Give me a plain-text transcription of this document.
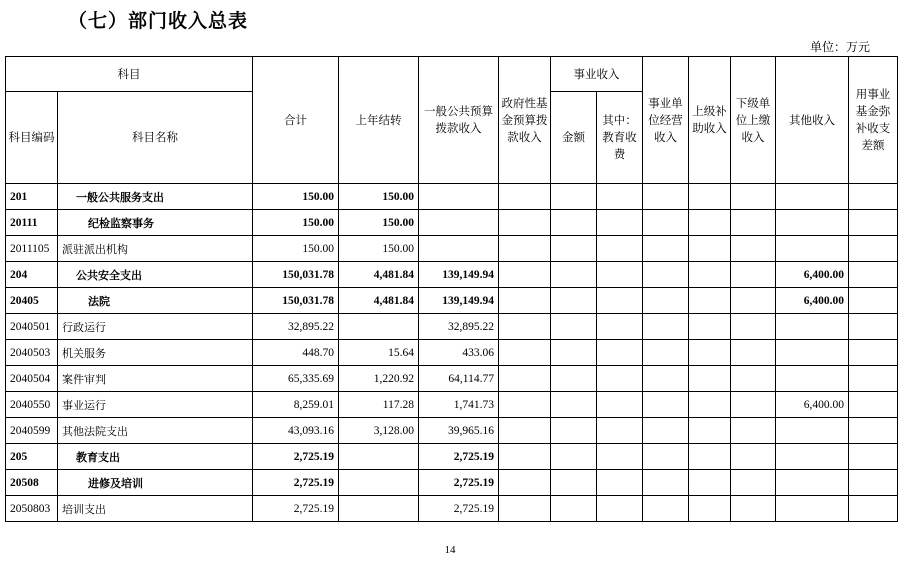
（七）部门收入总表
单位：万元
科目		合计	上年结转	一般公共预算拨款收入	政府性基金预算拨款收入	事业收入		事业单位经营收入	上级补助收入	下级单位上缴收入	其他收入	用事业基金弥补收支差额
科目编码	科目名称					金额	其中：教育收费					
201	一般公共服务支出	150.00	150.00									
20111	纪检监察事务	150.00	150.00									
2011105	派驻派出机构	150.00	150.00									
204	公共安全支出	150,031.78	4,481.84	139,149.94							6,400.00	
20405	法院	150,031.78	4,481.84	139,149.94							6,400.00	
2040501	行政运行	32,895.22		32,895.22								
2040503	机关服务	448.70	15.64	433.06								
2040504	案件审判	65,335.69	1,220.92	64,114.77								
2040550	事业运行	8,259.01	117.28	1,741.73							6,400.00	
2040599	其他法院支出	43,093.16	3,128.00	39,965.16								
205	教育支出	2,725.19		2,725.19								
20508	进修及培训	2,725.19		2,725.19								
2050803	培训支出	2,725.19		2,725.19								
14
